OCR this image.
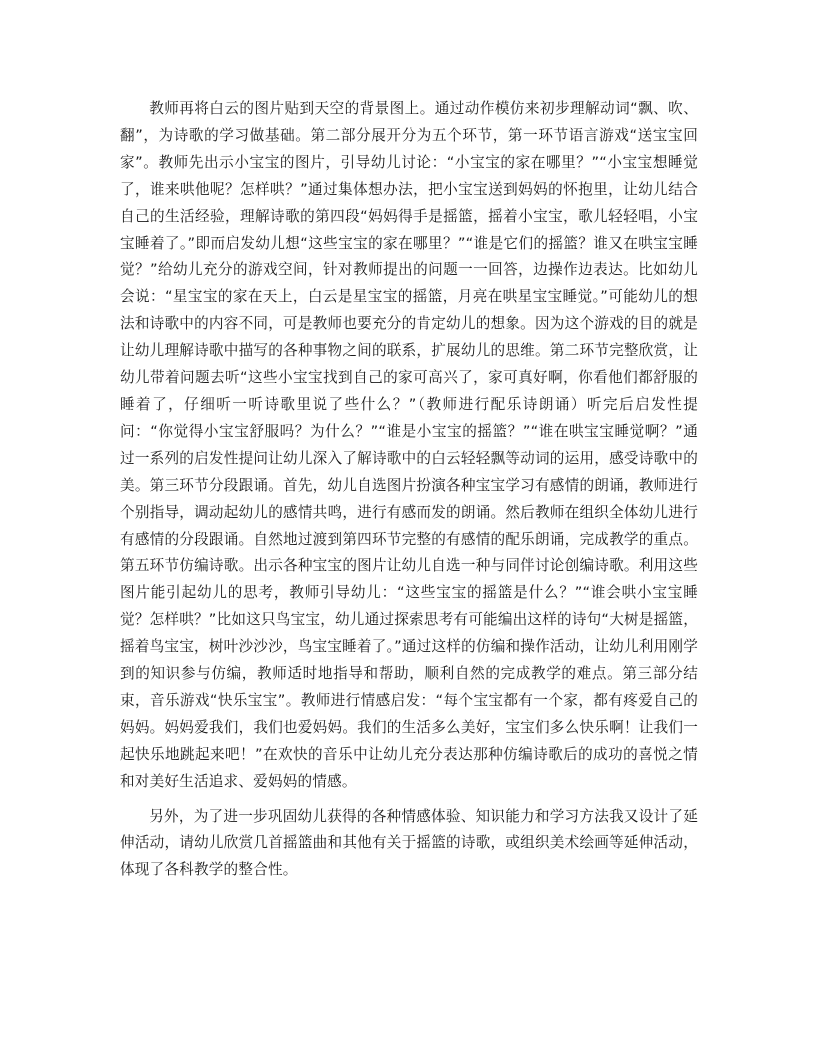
教师再将白云的图片贴到天空的背景图上。通过动作模仿来初步理解动词“飘、吹、翻”，为诗歌的学习做基础。第二部分展开分为五个环节，第一环节语言游戏“送宝宝回家”。教师先出示小宝宝的图片，引导幼儿讨论：“小宝宝的家在哪里？”“小宝宝想睡觉了，谁来哄他呢？怎样哄？”通过集体想办法，把小宝宝送到妈妈的怀抱里，让幼儿结合自己的生活经验，理解诗歌的第四段“妈妈得手是摇篮，摇着小宝宝，歌儿轻轻唱，小宝宝睡着了。”即而启发幼儿想“这些宝宝的家在哪里？”“谁是它们的摇篮？谁又在哄宝宝睡觉？”给幼儿充分的游戏空间，针对教师提出的问题一一回答，边操作边表达。比如幼儿会说：“星宝宝的家在天上，白云是星宝宝的摇篮，月亮在哄星宝宝睡觉。”可能幼儿的想法和诗歌中的内容不同，可是教师也要充分的肯定幼儿的想象。因为这个游戏的目的就是让幼儿理解诗歌中描写的各种事物之间的联系，扩展幼儿的思维。第二环节完整欣赏，让幼儿带着问题去听“这些小宝宝找到自己的家可高兴了，家可真好啊，你看他们都舒服的睡着了，仔细听一听诗歌里说了些什么？”（教师进行配乐诗朗诵）听完后启发性提问：“你觉得小宝宝舒服吗？为什么？”“谁是小宝宝的摇篮？”“谁在哄宝宝睡觉啊？”通过一系列的启发性提问让幼儿深入了解诗歌中的白云轻轻飘等动词的运用，感受诗歌中的美。第三环节分段跟诵。首先，幼儿自选图片扮演各种宝宝学习有感情的朗诵，教师进行个别指导，调动起幼儿的感情共鸣，进行有感而发的朗诵。然后教师在组织全体幼儿进行有感情的分段跟诵。自然地过渡到第四环节完整的有感情的配乐朗诵，完成教学的重点。第五环节仿编诗歌。出示各种宝宝的图片让幼儿自选一种与同伴讨论创编诗歌。利用这些图片能引起幼儿的思考，教师引导幼儿：“这些宝宝的摇篮是什么？”“谁会哄小宝宝睡觉？怎样哄？”比如这只鸟宝宝，幼儿通过探索思考有可能编出这样的诗句“大树是摇篮，摇着鸟宝宝，树叶沙沙沙，鸟宝宝睡着了。”通过这样的仿编和操作活动，让幼儿利用刚学到的知识参与仿编，教师适时地指导和帮助，顺利自然的完成教学的难点。第三部分结束，音乐游戏“快乐宝宝”。教师进行情感启发：“每个宝宝都有一个家，都有疼爱自己的妈妈。妈妈爱我们，我们也爱妈妈。我们的生活多么美好，宝宝们多么快乐啊！让我们一起快乐地跳起来吧！”在欢快的音乐中让幼儿充分表达那种仿编诗歌后的成功的喜悦之情和对美好生活追求、爱妈妈的情感。

另外，为了进一步巩固幼儿获得的各种情感体验、知识能力和学习方法我又设计了延伸活动，请幼儿欣赏几首摇篮曲和其他有关于摇篮的诗歌，或组织美术绘画等延伸活动，体现了各科教学的整合性。
